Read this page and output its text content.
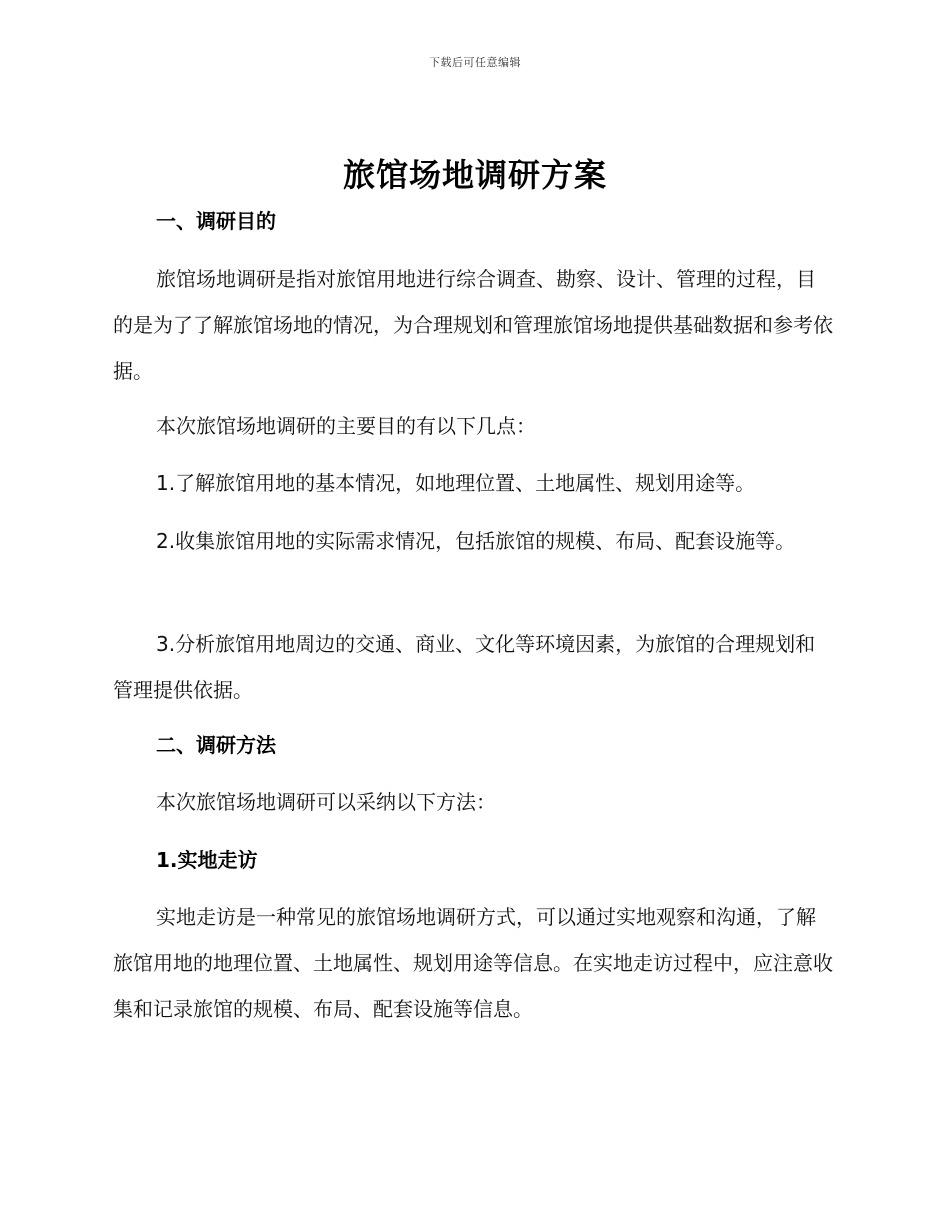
下载后可任意编辑
旅馆场地调研方案
一、调研目的
旅馆场地调研是指对旅馆用地进行综合调查、勘察、设计、管理的过程，目的是为了了解旅馆场地的情况，为合理规划和管理旅馆场地提供基础数据和参考依据。
本次旅馆场地调研的主要目的有以下几点：
1.了解旅馆用地的基本情况，如地理位置、土地属性、规划用途等。
2.收集旅馆用地的实际需求情况，包括旅馆的规模、布局、配套设施等。
3.分析旅馆用地周边的交通、商业、文化等环境因素，为旅馆的合理规划和管理提供依据。
二、调研方法
本次旅馆场地调研可以采纳以下方法：
1.实地走访
实地走访是一种常见的旅馆场地调研方式，可以通过实地观察和沟通，了解旅馆用地的地理位置、土地属性、规划用途等信息。在实地走访过程中，应注意收集和记录旅馆的规模、布局、配套设施等信息。
